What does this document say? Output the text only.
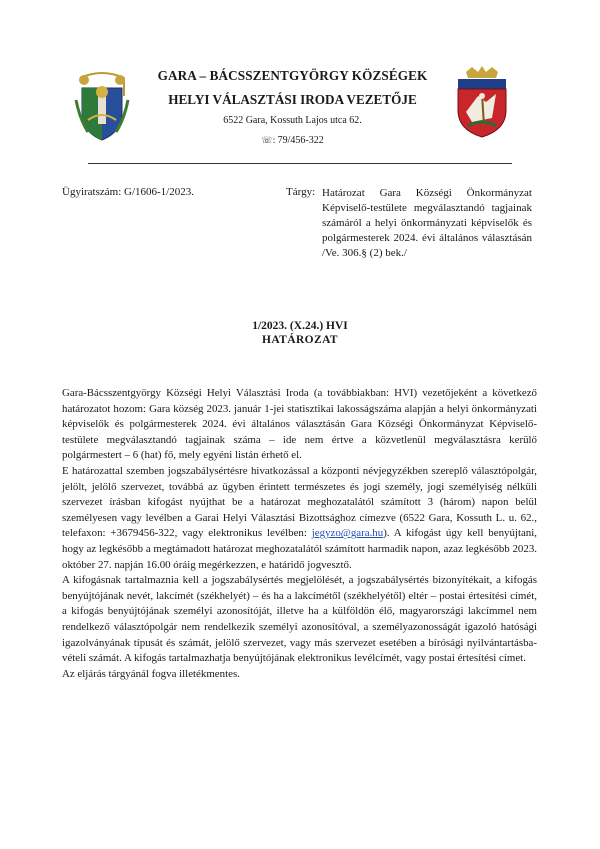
GARA – BÁCSSZENTGYÖRGY KÖZSÉGEK
HELYI VÁLASZTÁSI IRODA VEZETŐJE
6522 Gara, Kossuth Lajos utca 62.
☏: 79/456-322
Ügyiratszám: G/1606-1/2023.	Tárgy: Határozat Gara Községi Önkormányzat Képviselő-testülete megválasztandó tagjainak számáról a helyi önkormányzati képviselők és polgármesterek 2024. évi általános választásán /Ve. 306.§ (2) bek./
1/2023. (X.24.) HVI
HATÁROZAT

Gara-Bácsszentgyörgy Községi Helyi Választási Iroda (a továbbiakban: HVI) vezetőjeként a következő határozatot hozom: Gara község 2023. január 1-jei statisztikai lakosságszáma alapján a helyi önkormányzati képviselők és polgármesterek 2024. évi általános választásán Gara Községi Önkormányzat Képviselő-testülete megválasztandó tagjainak száma – ide nem értve a közvetlenül megválasztásra kerülő polgármestert – 6 (hat) fő, mely egyéni listán érhető el.

E határozattal szemben jogszabálysértésre hivatkozással a központi névjegyzékben szereplő választópolgár, jelölt, jelölő szervezet, továbbá az ügyben érintett természetes és jogi személy, jogi személyiség nélküli szervezet írásban kifogást nyújthat be a határozat meghozatalától számított 3 (három) napon belül személyesen vagy levélben a Garai Helyi Választási Bizottsághoz címezve (6522 Gara, Kossuth L. u. 62., telefaxon: +3679456-322, vagy elektronikus levélben: jegyzo@gara.hu). A kifogást úgy kell benyújtani, hogy az legkésőbb a megtámadott határozat meghozatalától számított harmadik napon, azaz legkésőbb 2023. október 27. napján 16.00 óráig megérkezzen, e határidő jogvesztő.

A kifogásnak tartalmaznia kell a jogszabálysértés megjelölését, a jogszabálysértés bizonyítékait, a kifogás benyújtójának nevét, lakcímét (székhelyét) – és ha a lakcímétől (székhelyétől) eltér – postai értesítési címét, a kifogás benyújtójának személyi azonosítóját, illetve ha a külföldön élő, magyarországi lakcímmel nem rendelkező választópolgár nem rendelkezik személyi azonosítóval, a személyazonosságát igazoló hatósági igazolványának típusát és számát, jelölő szervezet, vagy más szervezet esetében a bírósági nyilvántartásba-vételi számát. A kifogás tartalmazhatja benyújtójának elektronikus levélcímét, vagy postai értesítési címet.

Az eljárás tárgyánál fogva illetékmentes.
